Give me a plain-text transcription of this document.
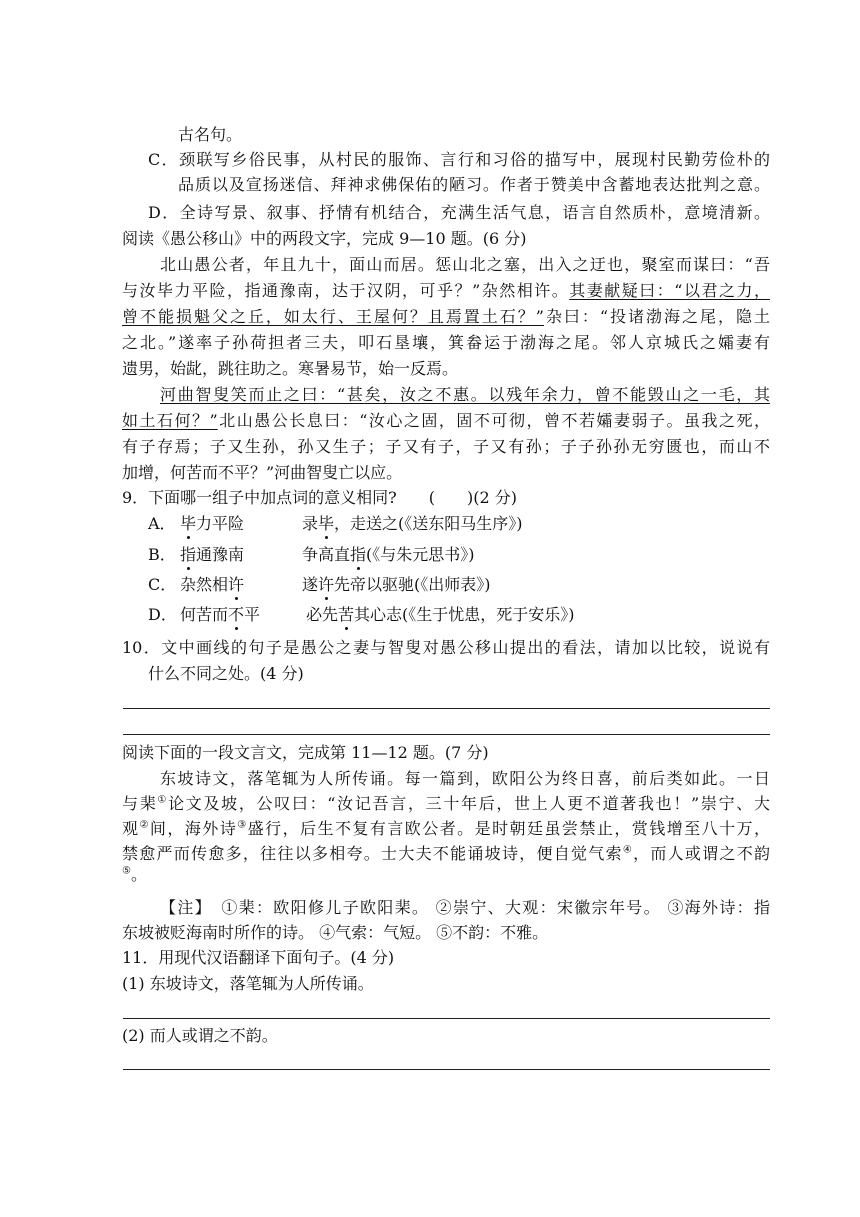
古名句。
C．颈联写乡俗民事，从村民的服饰、言行和习俗的描写中，展现村民勤劳俭朴的
品质以及宣扬迷信、拜神求佛保佑的陋习。作者于赞美中含蓄地表达批判之意。
D．全诗写景、叙事、抒情有机结合，充满生活气息，语言自然质朴，意境清新。
阅读《愚公移山》中的两段文字，完成 9—10 题。(6 分)
北山愚公者，年且九十，面山而居。惩山北之塞，出入之迂也，聚室而谋曰：“吾
与汝毕力平险，指通豫南，达于汉阴，可乎？”杂然相许。其妻献疑曰：“以君之力，
曾不能损魁父之丘，如太行、王屋何？且焉置土石？”杂曰：“投诸渤海之尾，隐土
之北。”遂率子孙荷担者三夫，叩石垦壤，箕畚运于渤海之尾。邻人京城氏之孀妻有
遗男，始龀，跳往助之。寒暑易节，始一反焉。
河曲智叟笑而止之曰：“甚矣，汝之不惠。以残年余力，曾不能毁山之一毛，其
如土石何？”北山愚公长息曰：“汝心之固，固不可彻，曾不若孀妻弱子。虽我之死，
有子存焉；子又生孙，孙又生子；子又有子，子又有孙；子子孙孙无穷匮也，而山不
加增，何苦而不平？”河曲智叟亡以应。
9．下面哪一组子中加点词的意义相同?　　(　　)(2 分)
A． 毕力平险	录毕，走送之(《送东阳马生序》)
B． 指通豫南	争高直指(《与朱元思书》)
C． 杂然相许	遂许先帝以驱驰(《出师表》)
D． 何苦而不平	必先苦其心志(《生于忧患，死于安乐》)
10．文中画线的句子是愚公之妻与智叟对愚公移山提出的看法，请加以比较，说说有
什么不同之处。(4 分)
阅读下面的一段文言文，完成第 11—12 题。(7 分)
东坡诗文，落笔辄为人所传诵。每一篇到，欧阳公为终日喜，前后类如此。一日
与棐①论文及坡，公叹曰：“汝记吾言，三十年后，世上人更不道著我也！”崇宁、大
观②间，海外诗③盛行，后生不复有言欧公者。是时朝廷虽尝禁止，赏钱增至八十万，
禁愈严而传愈多，往往以多相夸。士大夫不能诵坡诗，便自觉气索④，而人或谓之不韵
⑤。
【注】　①棐：欧阳修儿子欧阳棐。 ②崇宁、大观：宋徽宗年号。 ③海外诗：指
东坡被贬海南时所作的诗。 ④气索：气短。 ⑤不韵：不雅。
11．用现代汉语翻译下面句子。(4 分)
(1) 东坡诗文，落笔辄为人所传诵。
(2) 而人或谓之不韵。
